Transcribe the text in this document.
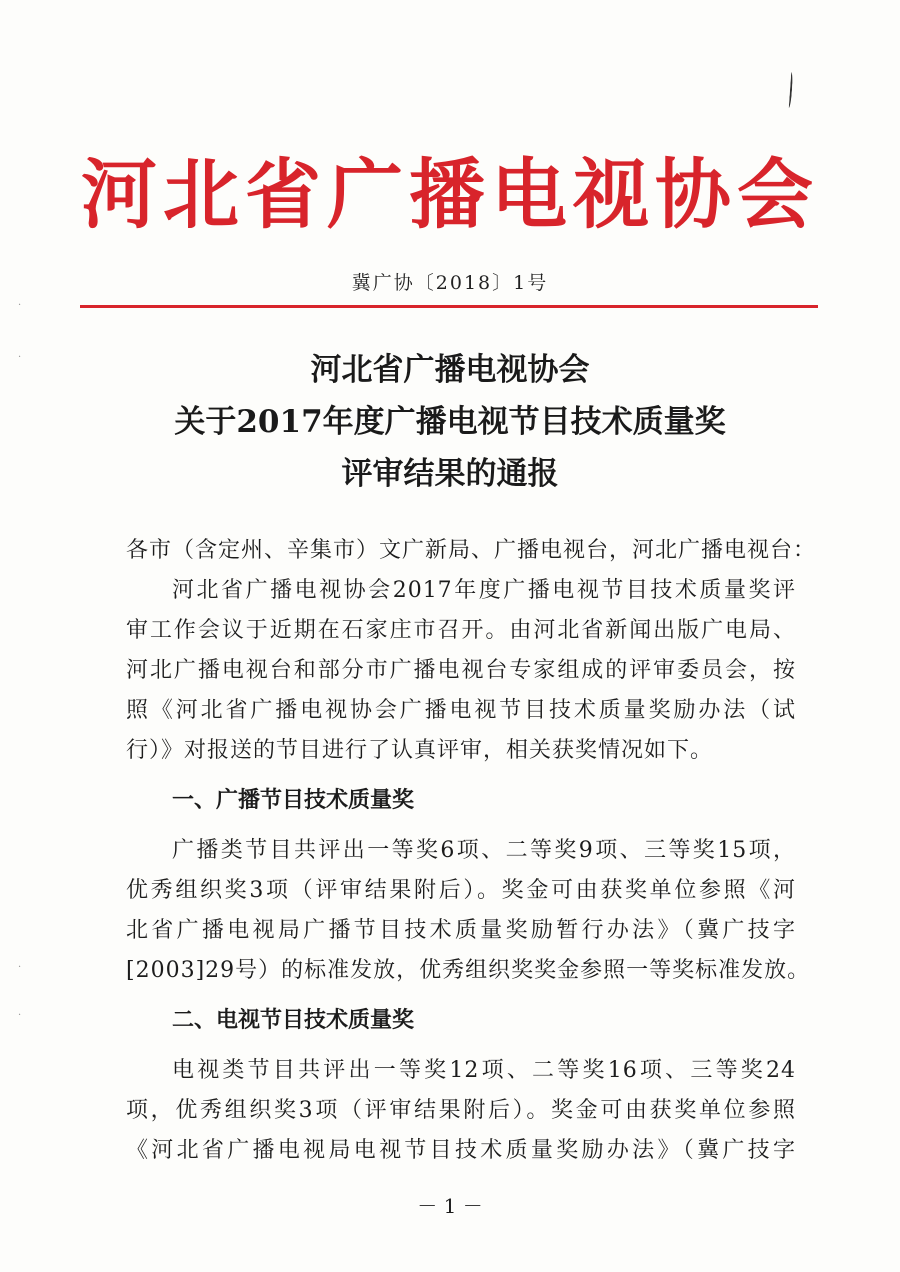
·
·
·
·
河北省广播电视协会
冀广协〔2018〕1号
河北省广播电视协会
关于2017年度广播电视节目技术质量奖
评审结果的通报
各市（含定州、辛集市）文广新局、广播电视台，河北广播电视台：
河北省广播电视协会2017年度广播电视节目技术质量奖评
审工作会议于近期在石家庄市召开。由河北省新闻出版广电局、
河北广播电视台和部分市广播电视台专家组成的评审委员会，按
照《河北省广播电视协会广播电视节目技术质量奖励办法（试
行）》对报送的节目进行了认真评审，相关获奖情况如下。
一、广播节目技术质量奖
广播类节目共评出一等奖6项、二等奖9项、三等奖15项，
优秀组织奖3项（评审结果附后）。奖金可由获奖单位参照《河
北省广播电视局广播节目技术质量奖励暂行办法》（冀广技字
[2003]29号）的标准发放，优秀组织奖奖金参照一等奖标准发放。
二、电视节目技术质量奖
电视类节目共评出一等奖12项、二等奖16项、三等奖24
项，优秀组织奖3项（评审结果附后）。奖金可由获奖单位参照
《河北省广播电视局电视节目技术质量奖励办法》（冀广技字
－ 1 －
